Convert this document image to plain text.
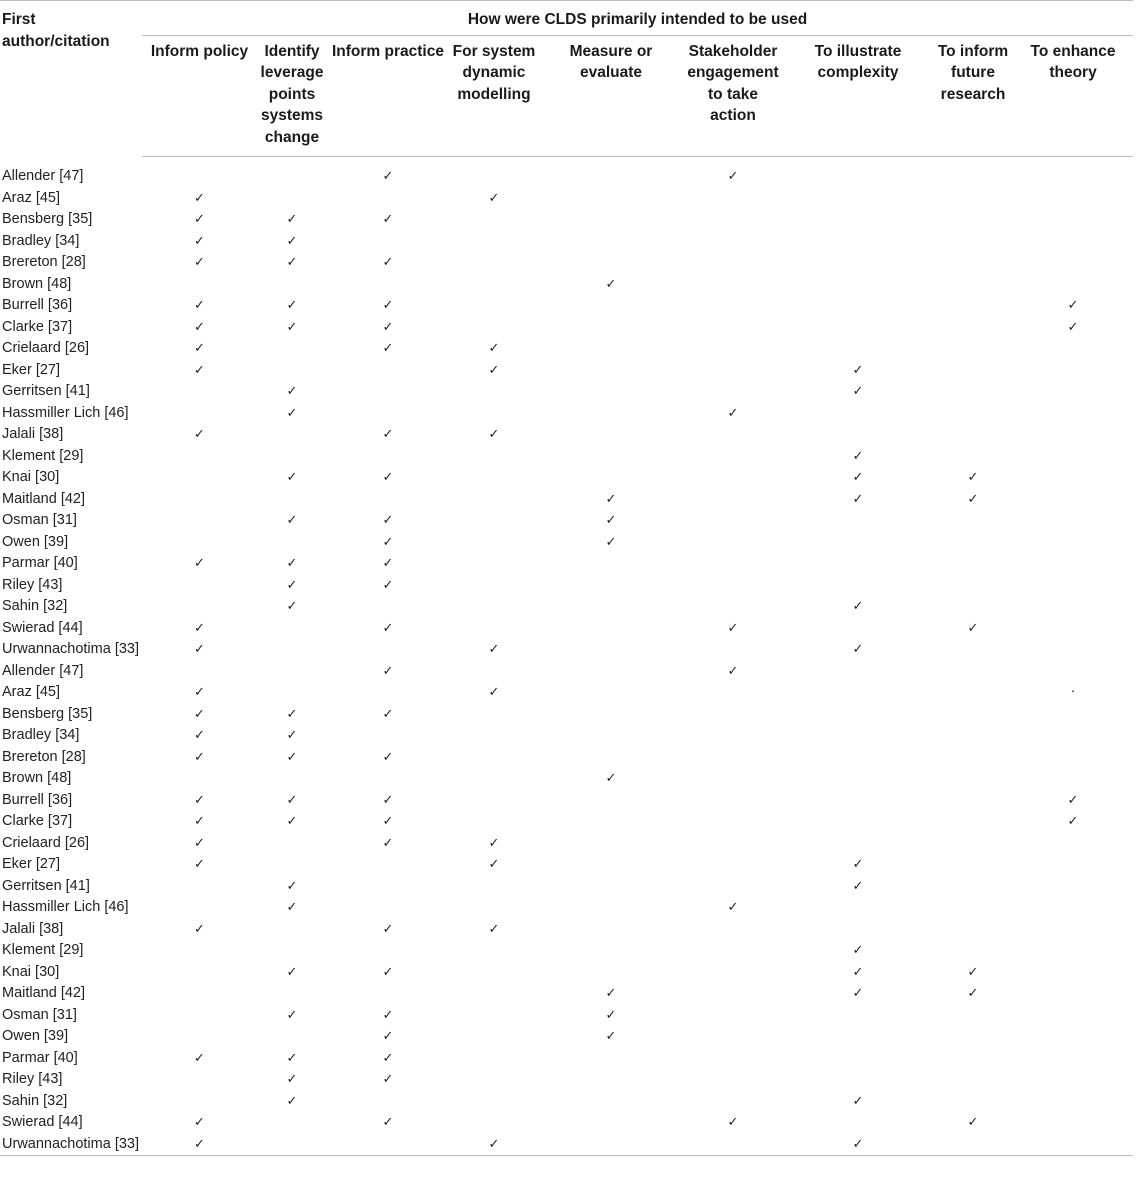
First author/citation	How were CLDS primarily intended to be used								
	Inform policy	Identify leverage points systems change	Inform practice	For system dynamic modelling	Measure or evaluate	Stakeholder engagement to take action	To illustrate complexity	To inform future research	To enhance theory
Allender [47]			✓			✓			
Araz [45]	✓			✓					
Bensberg [35]	✓	✓	✓						
Bradley [34]	✓	✓							
Brereton [28]	✓	✓	✓						
Brown [48]					✓				
Burrell [36]	✓	✓	✓						✓
Clarke [37]	✓	✓	✓						✓
Crielaard [26]	✓		✓	✓					
Eker [27]	✓			✓			✓		
Gerritsen [41]		✓					✓		
Hassmiller Lich [46]		✓				✓			
Jalali [38]	✓		✓	✓					
Klement [29]							✓		
Knai [30]		✓	✓				✓	✓	
Maitland [42]					✓		✓	✓	
Osman [31]		✓	✓		✓				
Owen [39]			✓		✓				
Parmar [40]	✓	✓	✓						
Riley [43]		✓	✓						
Sahin [32]		✓					✓		
Swierad [44]	✓		✓			✓		✓	
Urwannachotima [33]	✓			✓			✓		
Allender [47]			✓			✓			
Araz [45]	✓			✓					·
Bensberg [35]	✓	✓	✓						
Bradley [34]	✓	✓							
Brereton [28]	✓	✓	✓						
Brown [48]					✓				
Burrell [36]	✓	✓	✓						✓
Clarke [37]	✓	✓	✓						✓
Crielaard [26]	✓		✓	✓					
Eker [27]	✓			✓			✓		
Gerritsen [41]		✓					✓		
Hassmiller Lich [46]		✓				✓			
Jalali [38]	✓		✓	✓					
Klement [29]							✓		
Knai [30]		✓	✓				✓	✓	
Maitland [42]					✓		✓	✓	
Osman [31]		✓	✓		✓				
Owen [39]			✓		✓				
Parmar [40]	✓	✓	✓						
Riley [43]		✓	✓						
Sahin [32]		✓					✓		
Swierad [44]	✓		✓			✓		✓	
Urwannachotima [33]	✓			✓			✓		
